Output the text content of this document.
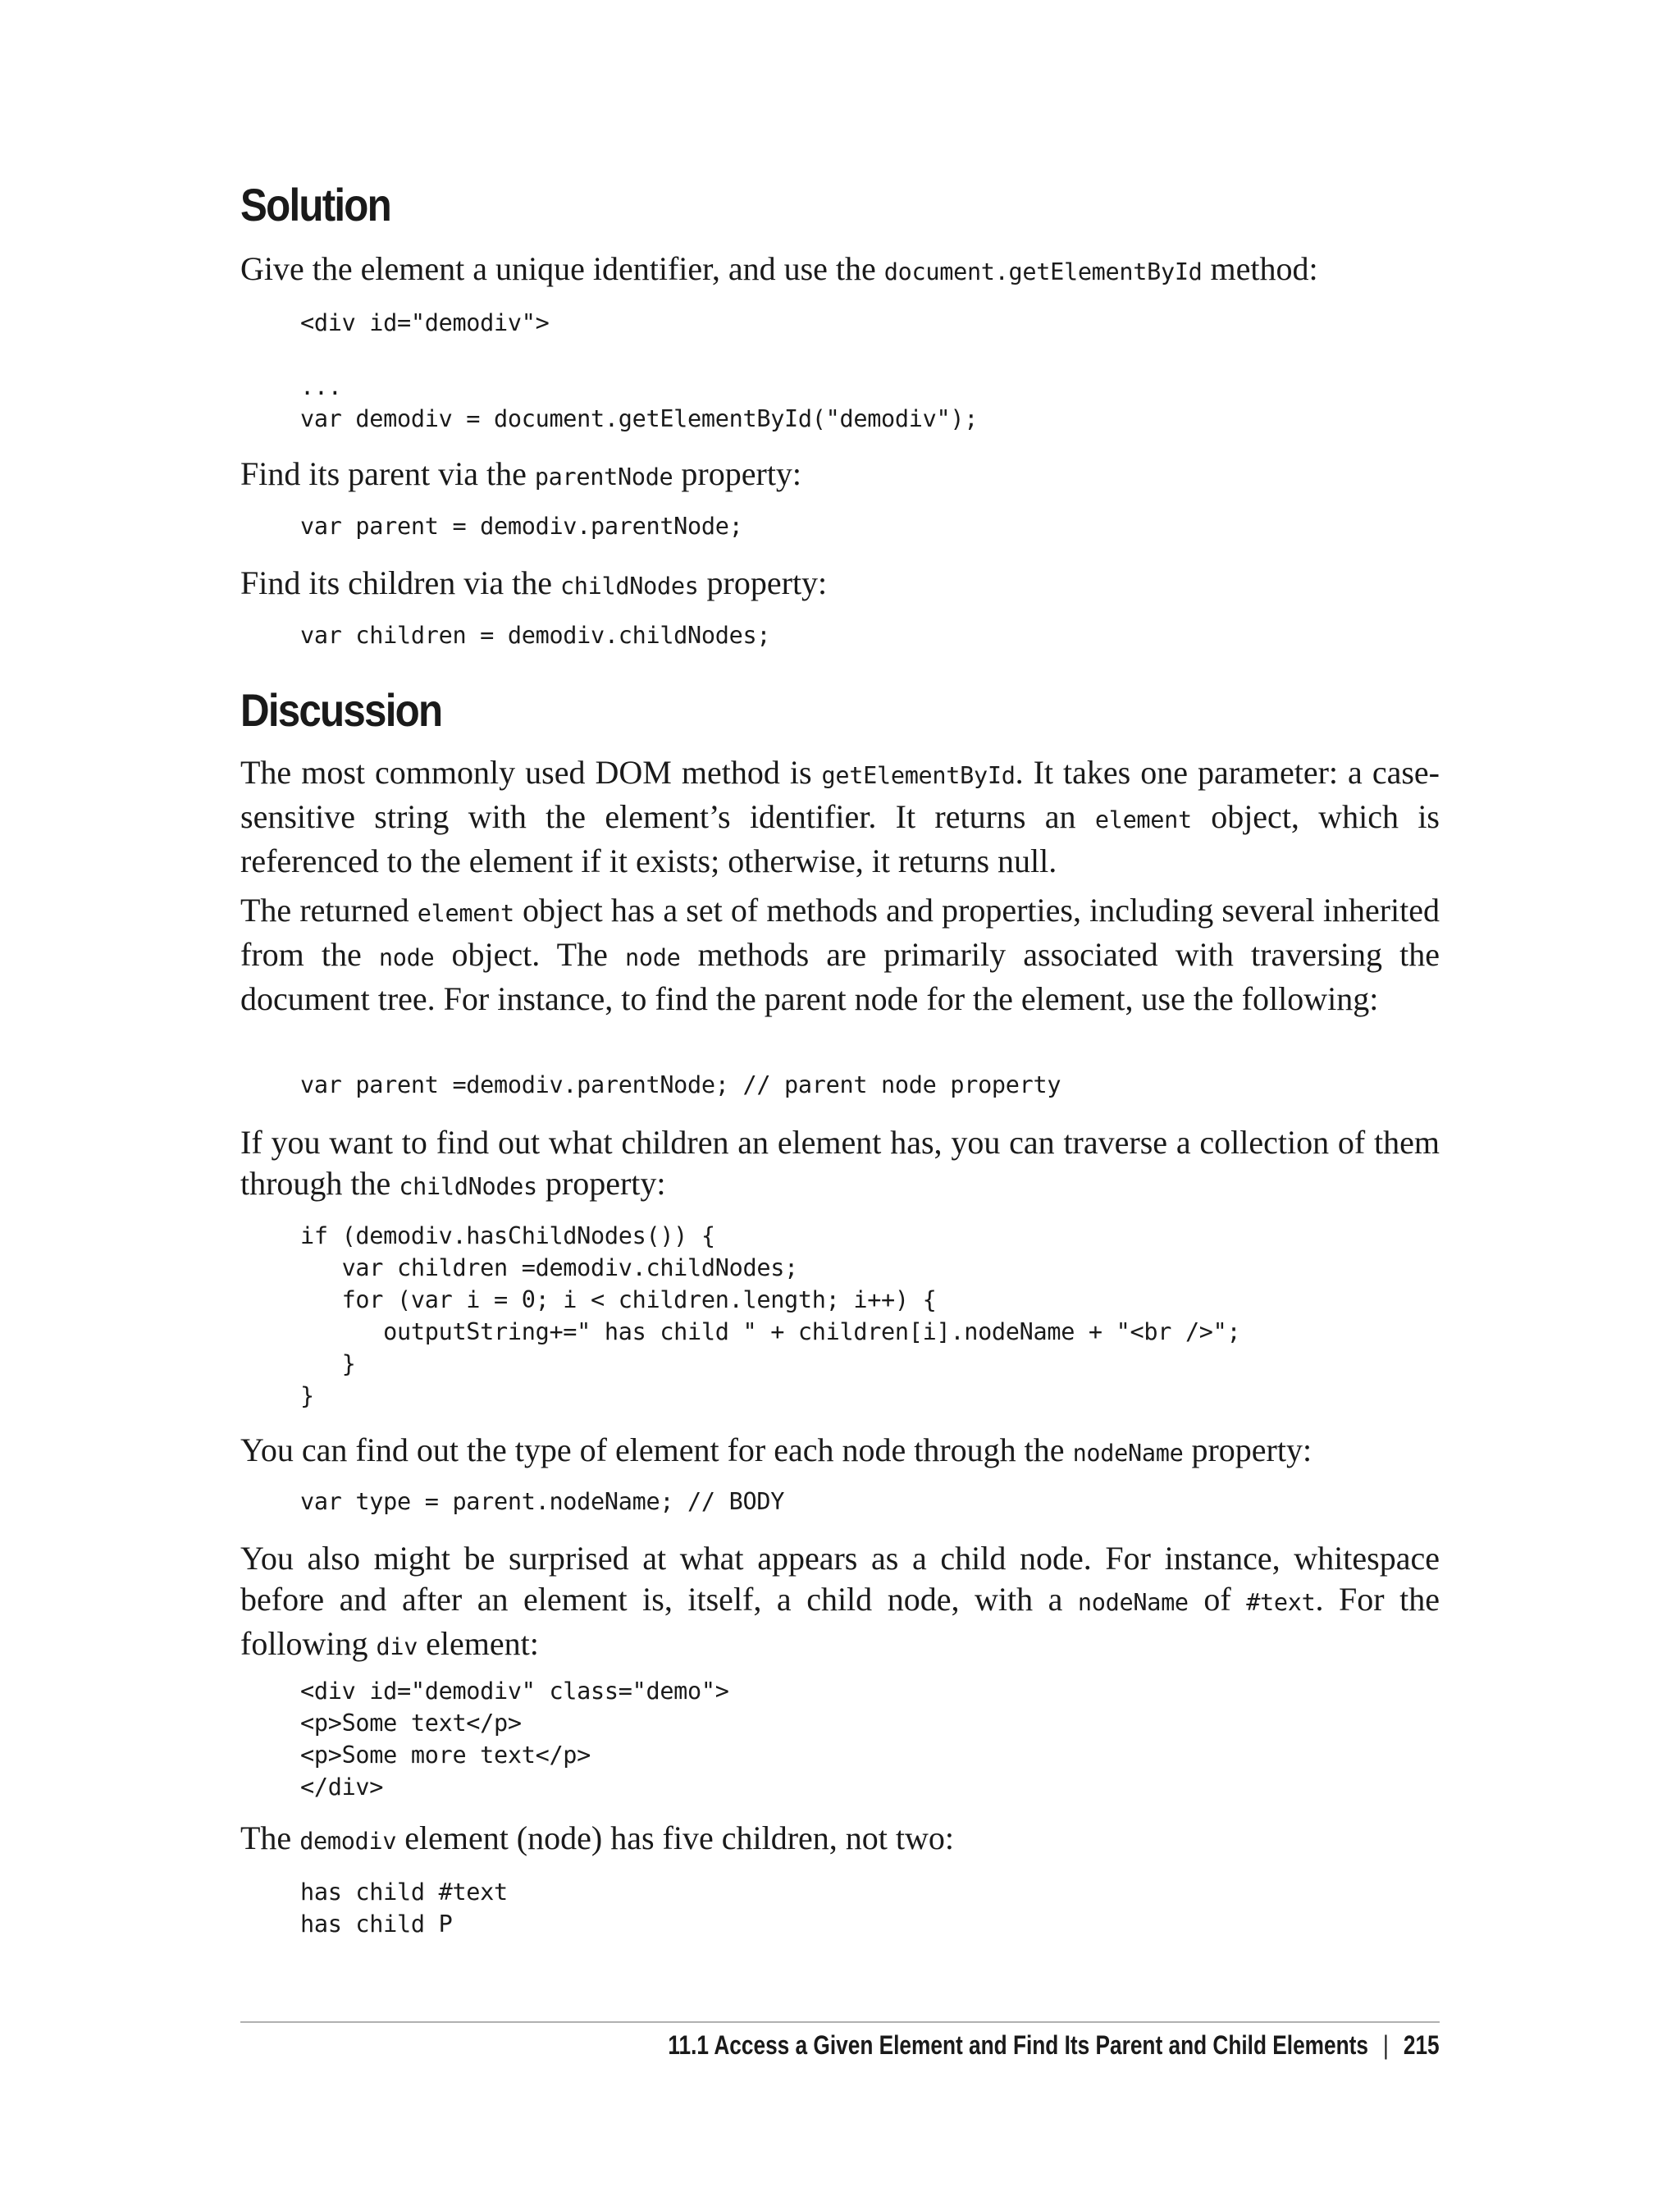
Solution

Give the element a unique identifier, and use the document.getElementById method:

<div id="demodiv">

...
var demodiv = document.getElementById("demodiv");

Find its parent via the parentNode property:

var parent = demodiv.parentNode;

Find its children via the childNodes property:

var children = demodiv.childNodes;
Discussion

The most commonly used DOM method is getElementById. It takes one parameter: a case-sensitive string with the element’s identifier. It returns an element object, which is referenced to the element if it exists; otherwise, it returns null.

The returned element object has a set of methods and properties, including several inherited from the node object. The node methods are primarily associated with traversing the document tree. For instance, to find the parent node for the element, use the following:

var parent =demodiv.parentNode; // parent node property

If you want to find out what children an element has, you can traverse a collection of them through the childNodes property:

if (demodiv.hasChildNodes()) {
var children =demodiv.childNodes;
for (var i = 0; i < children.length; i++) {
outputString+=" has child " + children[i].nodeName + "<br />";
}
}

You can find out the type of element for each node through the nodeName property:

var type = parent.nodeName; // BODY

You also might be surprised at what appears as a child node. For instance, whitespace before and after an element is, itself, a child node, with a nodeName of #text. For the following div element:

<div id="demodiv" class="demo">
<p>Some text</p>
<p>Some more text</p>
</div>

The demodiv element (node) has five children, not two:

has child #text
has child P
11.1 Access a Given Element and Find Its Parent and Child Elements | 215
